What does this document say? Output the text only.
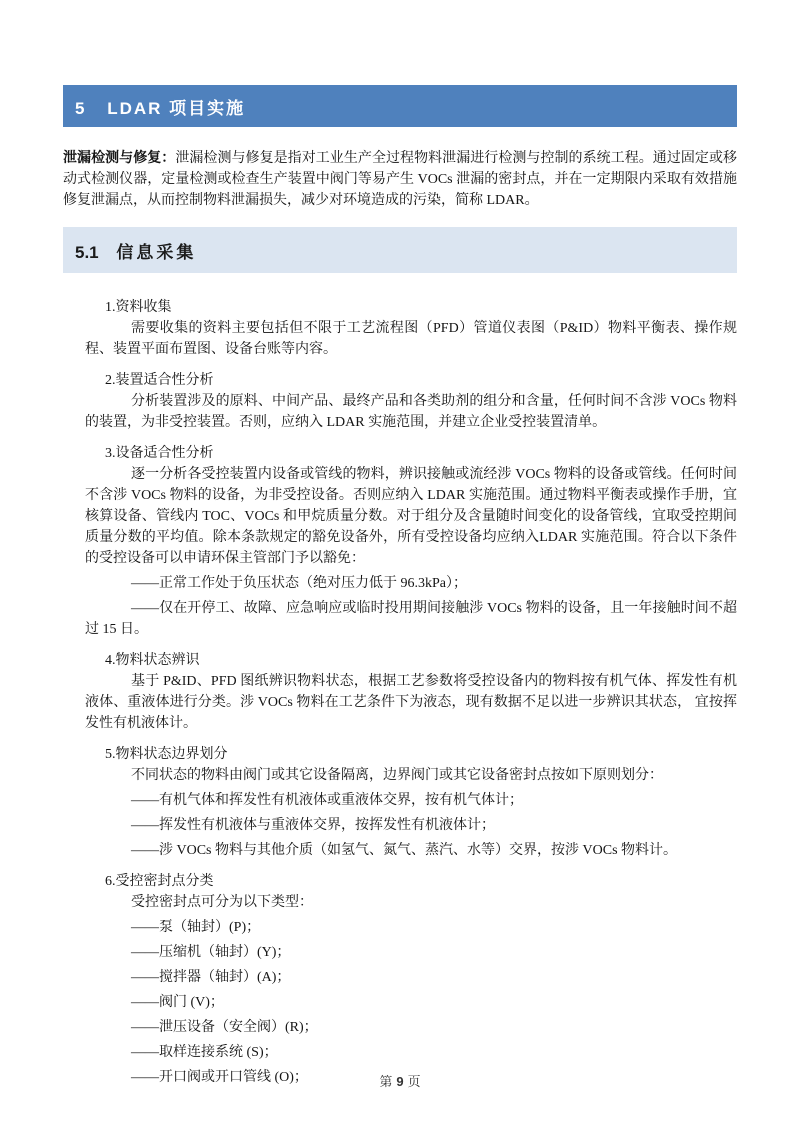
5 LDAR 项目实施

泄漏检测与修复：泄漏检测与修复是指对工业生产全过程物料泄漏进行检测与控制的系统工程。通过固定或移动式检测仪器，定量检测或检查生产装置中阀门等易产生 VOCs 泄漏的密封点，并在一定期限内采取有效措施修复泄漏点，从而控制物料泄漏损失，减少对环境造成的污染，简称 LDAR。

5.1 信息采集
1.资料收集
需要收集的资料主要包括但不限于工艺流程图（PFD）管道仪表图（P&ID）物料平衡表、操作规程、装置平面布置图、设备台账等内容。
2.装置适合性分析
分析装置涉及的原料、中间产品、最终产品和各类助剂的组分和含量，任何时间不含涉 VOCs 物料的装置，为非受控装置。否则，应纳入 LDAR 实施范围，并建立企业受控装置清单。
3.设备适合性分析
逐一分析各受控装置内设备或管线的物料，辨识接触或流经涉 VOCs 物料的设备或管线。任何时间不含涉 VOCs 物料的设备，为非受控设备。否则应纳入 LDAR 实施范围。通过物料平衡表或操作手册，宜核算设备、管线内 TOC、VOCs 和甲烷质量分数。对于组分及含量随时间变化的设备管线，宜取受控期间质量分数的平均值。除本条款规定的豁免设备外，所有受控设备均应纳入LDAR 实施范围。符合以下条件的受控设备可以申请环保主管部门予以豁免：
——正常工作处于负压状态（绝对压力低于 96.3kPa）；
——仅在开停工、故障、应急响应或临时投用期间接触涉 VOCs 物料的设备，且一年接触时间不超过 15 日。
4.物料状态辨识
基于 P&ID、PFD 图纸辨识物料状态，根据工艺参数将受控设备内的物料按有机气体、挥发性有机液体、重液体进行分类。涉 VOCs 物料在工艺条件下为液态，现有数据不足以进一步辨识其状态， 宜按挥发性有机液体计。
5.物料状态边界划分
不同状态的物料由阀门或其它设备隔离，边界阀门或其它设备密封点按如下原则划分：
——有机气体和挥发性有机液体或重液体交界，按有机气体计；
——挥发性有机液体与重液体交界，按挥发性有机液体计；
——涉 VOCs 物料与其他介质（如氢气、氮气、蒸汽、水等）交界，按涉 VOCs 物料计。
6.受控密封点分类
受控密封点可分为以下类型：
——泵（轴封）(P)；
——压缩机（轴封）(Y)；
——搅拌器（轴封）(A)；
——阀门 (V)；
——泄压设备（安全阀）(R)；
——取样连接系统 (S)；
——开口阀或开口管线 (O)；	第 9 页
